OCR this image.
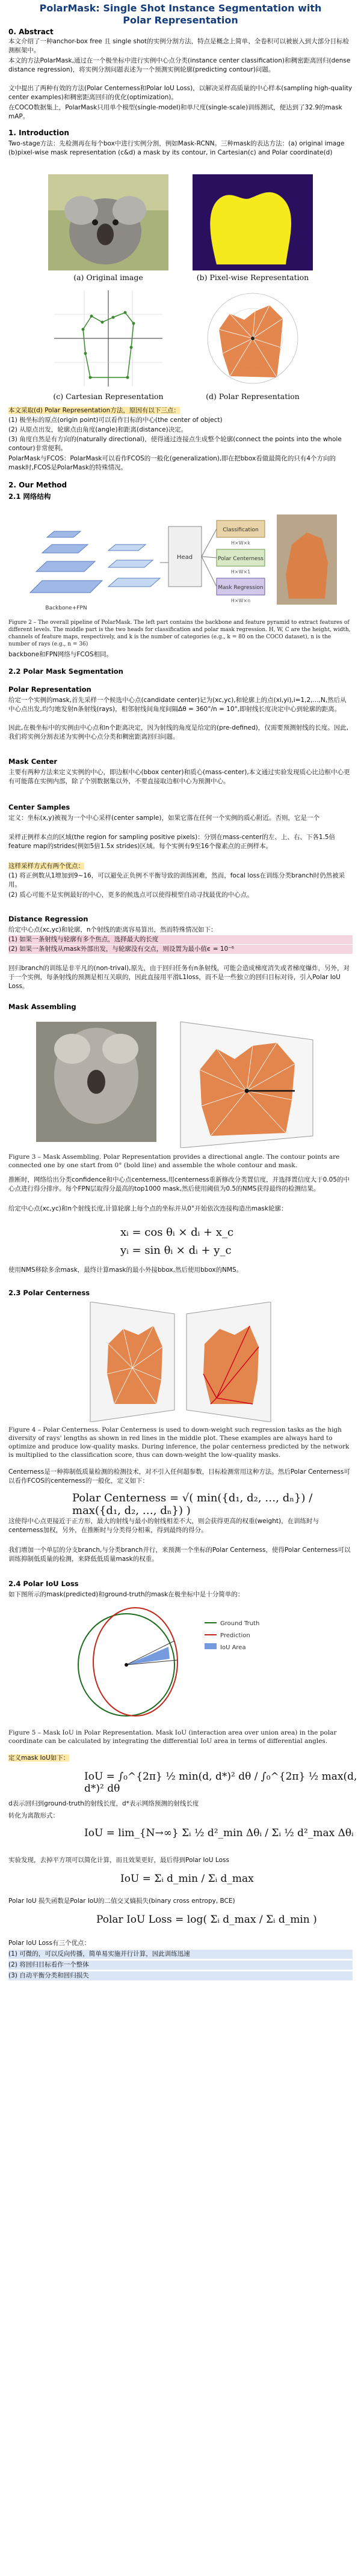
PolarMask: Single Shot Instance Segmentation with Polar Representation
0. Abstract
本文介绍了一种anchor-box free 且 single shot的实例分割方法，特点是概念上简单、全卷积可以被嵌入到大部分目标检测框架中。
本文的方法PolarMask,通过在一个极坐标中进行实例中心点分类(instance center classification)和稠密距离回归(dense distance regression)，将实例分割问题表述为一个预测实例轮廓(predicting contour)问题。
文中提出了两种有效的方法(Polar Centerness和Polar IoU Loss)，以解决采样高质量的中心样本(sampling high-quality center examples)和稠密距离回归的优化(optimization)。
在COCO数据集上，PolarMask只用单个模型(single-model)和单尺度(single-scale)训练测试，便达到了32.9的mask mAP。
1. Introduction
Two-stage方法：先检测再在每个box中进行实例分割，例如Mask-RCNN。三种mask的表达方法：(a) original image (b)pixel-wise mask representation (c&d) a mask by its contour, in Cartesian(c) and Polar coordinate(d)
(a) Original image	(b) Pixel-wise Representation
(c) Cartesian Representation	(d) Polar Representation
本文采取(d) Polar Representation方法，原因有以下三点：
(1) 极坐标的原点(origin point)可以看作目标的中心(the center of object)
(2) 从原点出发，轮廓点由角度(angle)和距离(distance)决定。
(3) 角度自然是有方向的(naturally directional)，使得通过连接点生成整个轮廓(connect the points into the whole contour)非常便利。
PolarMask与FCOS：PolarMask可以看作FCOS的一般化(generalization),即在把bbox看做最简化的只有4个方向的mask时,FCOS是PolarMask的特殊情况。
2. Our Method
2.1 网络结构
Head
Classification
Polar Centerness
Mask Regression
H×W×k
H×W×1
H×W×n
Backbone+FPN
Figure 2 – The overall pipeline of PolarMask. The left part contains the backbone and feature pyramid to extract features of different levels. The middle part is the two heads for classification and polar mask regression. H, W, C are the height, width, channels of feature maps, respectively, and k is the number of categories (e.g., k = 80 on the COCO dataset), n is the number of rays (e.g., n = 36)
backbone和FPN网络与FCOS相同。
2.2 Polar Mask Segmentation
Polar Representation
给定一个实例的mask,首先采样一个候选中心点(candidate center)记为(xc,yc),和轮廓上的点(xi,yi),i=1,2,...,N,然后从中心点出发,均匀地发射n条射线(rays)，相邻射线间角度间隔Δθ = 360°/n = 10°,即射线长度决定中心到轮廓的距离。
因此,在极坐标中的实例由中心点和n个距离决定，因为射线的角度是给定的(pre-defined)，仅需要预测射线的长度。因此,我们将实例分割表述为实例中心点分类和稠密距离回归问题。
Mask Center
主要有两种方法来定义实例的中心，即边框中心(bbox center)和质心(mass-center),本文通过实验发现质心比边框中心更有可能落在实例内部，除了个别数据集以外，不要直接取边框中心为预测中心。
Center Samples
定义：坐标(x,y)被视为一个中心采样(center sample)，如果它落在任何一个实例的质心附近。否则，它是一个
采样正例样本点的区域(the region for sampling positive pixels)：分别在mass-center的左、上、右、下各1.5倍feature map的strides(例如5倍1.5x strides)区域。每个实例有9至16个像素点的正例样本。
这样采样方式有两个优点：
(1) 将正例数从1增加到9~16，可以避免正负例不平衡导致的训练困难，然而，focal loss在训练分类branch时仍然被采用。
(2) 质心可能不是实例最好的中心，更多的候选点可以使得模型自动寻找最优的中心点。
Distance Regression
给定中心点(xc,yc)和轮廓，n个射线的距离容易算出，然而特殊情况如下：
(1) 如果一条射线与轮廓有多个焦点，选择最大的长度
(2) 如果一条射线从mask外部出发，与轮廓没有交点，则设置为最小值ϵ = 10⁻⁶
回归branch的训练是非平凡的(non-trival),原先，由于回归任务有n条射线，可能会造成梯度消失或者梯度爆炸，另外，对于一个实例，每条射线的预测是相互关联的，因此直接用平滑L1loss，而不是一些独立的回归目标对待，引入Polar IoU Loss。
Mask Assembling
Figure 3 – Mask Assembling. Polar Representation provides a directional angle. The contour points are connected one by one start from 0° (bold line) and assemble the whole contour and mask.
推断时，网络给出分类confidence和中心点centerness,用centerness重新修改分类置信度，并选择置信度大于0.05的中心点进行得分排序。每个FPN层取得分最高的top1000 mask,然后使用阈值为0.5的NMS获得最终的检测结果。
给定中心点(xc,yc)和n个射线长度,计算轮廓上每个点的坐标并从0°开始依次连接构造出mask轮廓：
xᵢ = cos θᵢ × dᵢ + x_c
yᵢ = sin θᵢ × dᵢ + y_c
使用NMS移除多余mask，最终计算mask的最小外接bbox,然后使用bbox的NMS。
2.3 Polar Centerness
Figure 4 – Polar Centerness. Polar Centerness is used to down-weight such regression tasks as the high diversity of rays' lengths as shown in red lines in the middle plot. These examples are always hard to optimize and produce low-quality masks. During inference, the polar centerness predicted by the network is multiplied to the classification score, thus can down-weight the low-quality masks.
Centerness是一种抑制低质量检测的检测技术，对不引入任何超参数，目标检测常用这种方法。然后Polar Centerness可以看作FCOS的centerness的一般化，定义如下：
Polar Centerness = √( min({d₁, d₂, …, dₙ}) / max({d₁, d₂, …, dₙ}) )
这使得中心点更接近于正方形，最大的射线与最小的射线相差不大，则会获得更高的权重(weight)，在训练时与centerness加权，另外，在推断时与分类得分相乘，得到最终的得分。
我们增加一个单层的分支branch,与分类branch并行，来预测一个坐标的Polar Centerness，使得Polar Centerness可以训练抑制低质量的检测，来降低低质量mask的权重。
2.4 Polar IoU Loss
如下图所示的mask(predicted)和ground-truth的mask在极坐标中是十分简单的：
Ground Truth
Prediction
IoU Area
Figure 5 – Mask IoU in Polar Representation. Mask IoU (interaction area over union area) in the polar coordinate can be calculated by integrating the differential IoU area in terms of differential angles.
定义mask IoU如下：
IoU = ∫₀^{2π} ½ min(d, d*)² dθ / ∫₀^{2π} ½ max(d, d*)² dθ
d表示回归到ground-truth的射线长度，d*表示网络预测的射线长度
转化为离散形式：
IoU = lim_{N→∞} Σᵢ ½ d²_min Δθᵢ / Σᵢ ½ d²_max Δθᵢ
实验发现，去掉平方项可以简化计算，而且效果更好，最后得到Polar IoU Loss
IoU = Σᵢ d_min / Σᵢ d_max
Polar IoU 损失函数是Polar IoU的二值交叉熵损失(binary cross entropy, BCE)
Polar IoU Loss = log( Σᵢ d_max / Σᵢ d_min )
Polar IoU Loss有三个优点：
(1) 可微的，可以反向传播，简单易实施并行计算，因此训练迅速
(2) 将回归目标看作一个整体
(3) 自动平衡分类和回归损失
